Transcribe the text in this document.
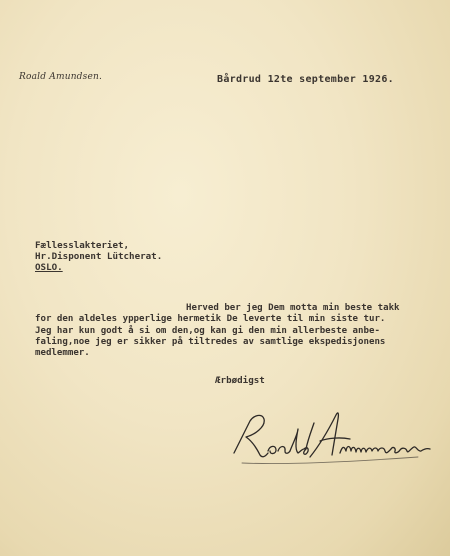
Roald Amundsen.	Bårdrud 12te september 1926.
Fællesslakteriet,
Hr.Disponent Lütcherat.
OSLO.
Herved ber jeg Dem motta min beste takk
for den aldeles ypperlige hermetik De leverte til min siste tur.
Jeg har kun godt å si om den,og kan gi den min allerbeste anbe-
faling,noe jeg er sikker på tiltredes av samtlige ekspedisjonens
medlemmer.
Ærbødigst
